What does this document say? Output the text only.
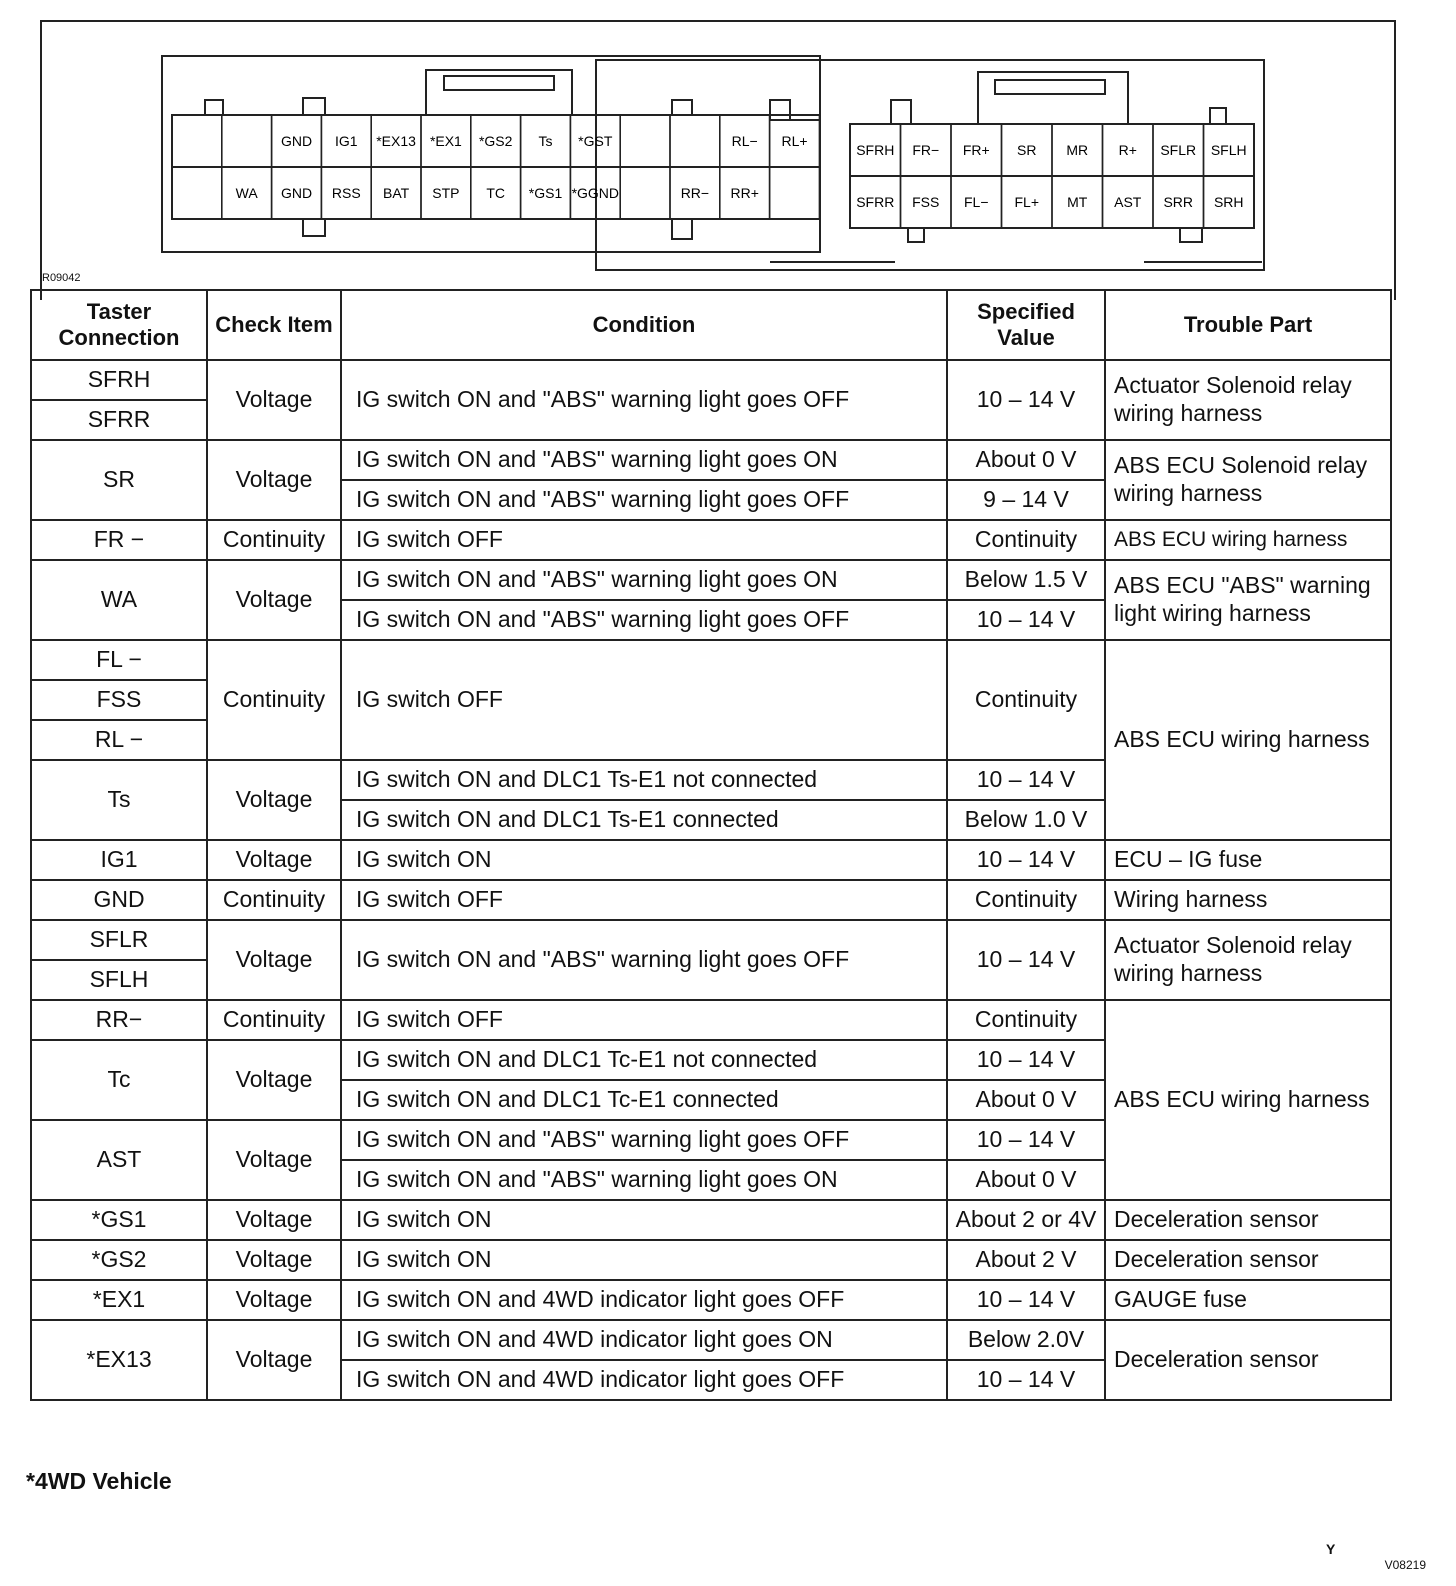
GND IG1 *EX13 *EX1 *GS2 Ts *GST	RL− RL+
WA GND RSS BAT STP TC *GS1 *GGND	RR− RR+
SFRH FR− FR+ SR MR R+ SFLR SFLH
SFRR FSS FL− FL+ MT AST SRR SRH
R09042
Taster Connection	Check Item	Condition	Specified Value	Trouble Part
SFRH	Voltage	IG switch ON and "ABS" warning light goes OFF	10 – 14 V	Actuator Solenoid relay wiring harness
SFRR				
SR	Voltage	IG switch ON and "ABS" warning light goes ON	About 0 V	ABS ECU Solenoid relay wiring harness
		IG switch ON and "ABS" warning light goes OFF	9 – 14 V	
FR −	Continuity	IG switch OFF	Continuity	ABS ECU wiring harness
WA	Voltage	IG switch ON and "ABS" warning light goes ON	Below 1.5 V	ABS ECU "ABS" warning light wiring harness
		IG switch ON and "ABS" warning light goes OFF	10 – 14 V	
FL −	Continuity	IG switch OFF	Continuity	ABS ECU wiring harness
FSS				
RL −				
Ts	Voltage	IG switch ON and DLC1 Ts-E1 not connected	10 – 14 V	
		IG switch ON and DLC1 Ts-E1 connected	Below 1.0 V	
IG1	Voltage	IG switch ON	10 – 14 V	ECU – IG fuse
GND	Continuity	IG switch OFF	Continuity	Wiring harness
SFLR	Voltage	IG switch ON and "ABS" warning light goes OFF	10 – 14 V	Actuator Solenoid relay wiring harness
SFLH				
RR−	Continuity	IG switch OFF	Continuity	ABS ECU wiring harness
Tc	Voltage	IG switch ON and DLC1 Tc-E1 not connected	10 – 14 V	
		IG switch ON and DLC1 Tc-E1 connected	About 0 V	
AST	Voltage	IG switch ON and "ABS" warning light goes OFF	10 – 14 V	
		IG switch ON and "ABS" warning light goes ON	About 0 V	
*GS1	Voltage	IG switch ON	About 2 or 4V	Deceleration sensor
*GS2	Voltage	IG switch ON	About 2 V	Deceleration sensor
*EX1	Voltage	IG switch ON and 4WD indicator light goes OFF	10 – 14 V	GAUGE fuse
*EX13	Voltage	IG switch ON and 4WD indicator light goes ON	Below 2.0V	Deceleration sensor
		IG switch ON and 4WD indicator light goes OFF	10 – 14 V	
*4WD Vehicle
Y
V08219
